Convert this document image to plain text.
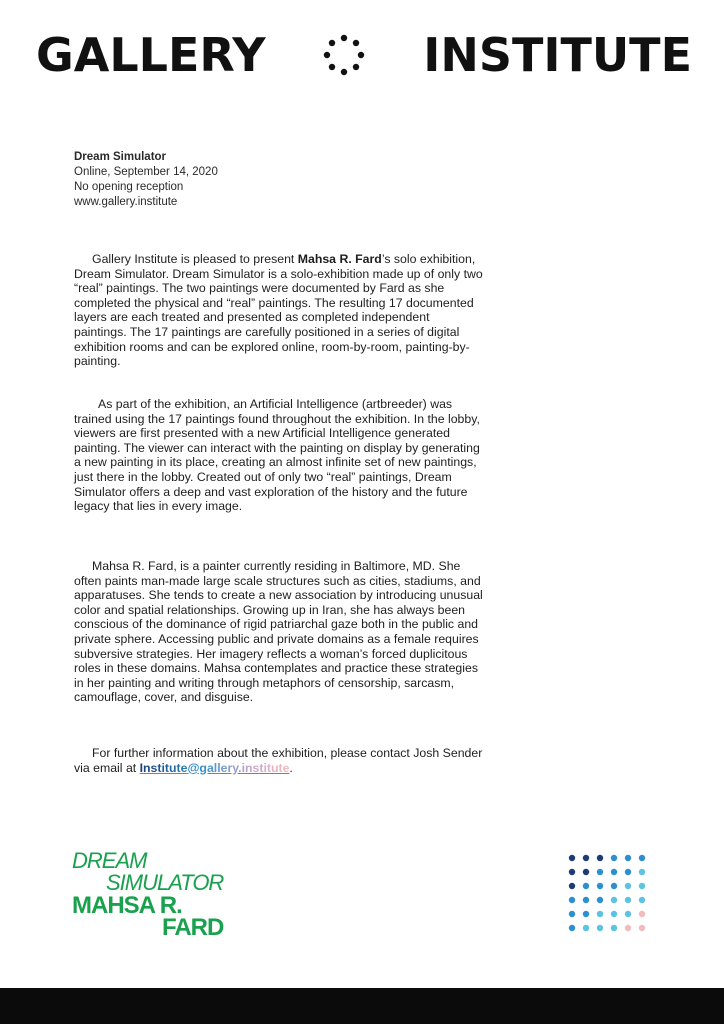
GALLERY	INSTITUTE
Dream Simulator
Online, September 14, 2020
No opening reception
www.gallery.institute

Gallery Institute is pleased to present Mahsa R. Fard’s solo exhibition, Dream Simulator. Dream Simulator is a solo-exhibition made up of only two “real” paintings. The two paintings were documented by Fard as she completed the physical and “real” paintings. The resulting 17 documented layers are each treated and presented as completed independent paintings. The 17 paintings are carefully positioned in a series of digital exhibition rooms and can be explored online, room-by-room, painting-by-painting.

As part of the exhibition, an Artificial Intelligence (artbreeder) was trained using the 17 paintings found throughout the exhibition. In the lobby, viewers are first presented with a new Artificial Intelligence generated painting. The viewer can interact with the painting on display by generating a new painting in its place, creating an almost infinite set of new paintings, just there in the lobby. Created out of only two “real” paintings, Dream Simulator offers a deep and vast exploration of the history and the future legacy that lies in every image.

Mahsa R. Fard, is a painter currently residing in Baltimore, MD. She often paints man-made large scale structures such as cities, stadiums, and apparatuses. She tends to create a new association by introducing unusual color and spatial relationships. Growing up in Iran, she has always been conscious of the dominance of rigid patriarchal gaze both in the public and private sphere. Accessing public and private domains as a female requires subversive strategies. Her imagery reflects a woman’s forced duplicitous roles in these domains. Mahsa contemplates and practice these strategies in her painting and writing through metaphors of censorship, sarcasm, camouflage, cover, and disguise.

For further information about the exhibition, please contact Josh Sender via email at Institute@gallery.institute.

DREAM
SIMULATOR
MAHSA R.
FARD
